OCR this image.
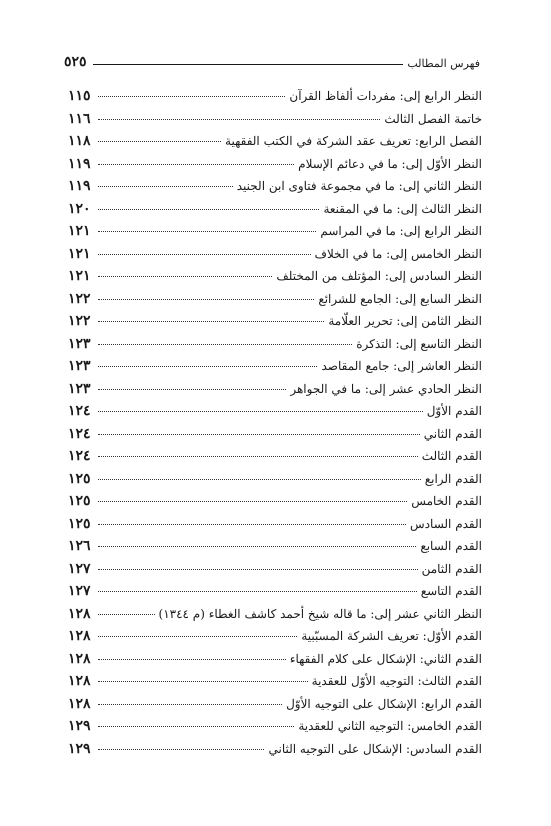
فهرس المطالب
٥٢٥
النظر الرابع إلى: مفردات ألفاظ القرآن
١١٥
خاتمة الفصل الثالث
١١٦
الفصل الرابع: تعريف عقد الشركة في الكتب الفقهية
١١٨
النظر الأوّل إلى: ما في دعائم الإسلام
١١٩
النظر الثاني إلى: ما في مجموعة فتاوى ابن الجنيد
١١٩
النظر الثالث إلى: ما في المقنعة
١٢٠
النظر الرابع إلى: ما في المراسم
١٢١
النظر الخامس إلى: ما في الخلاف
١٢١
النظر السادس إلى: المؤتلف من المختلف
١٢١
النظر السابع إلى: الجامع للشرائع
١٢٢
النظر الثامن إلى: تحرير العلّامة
١٢٢
النظر التاسع إلى: التذكرة
١٢٣
النظر العاشر إلى: جامع المقاصد
١٢٣
النظر الحادي عشر إلى: ما في الجواهر
١٢٣
القدم الأوّل
١٢٤
القدم الثاني
١٢٤
القدم الثالث
١٢٤
القدم الرابع
١٢٥
القدم الخامس
١٢٥
القدم السادس
١٢٥
القدم السابع
١٢٦
القدم الثامن
١٢٧
القدم التاسع
١٢٧
النظر الثاني عشر إلى: ما قاله شيخ أحمد كاشف الغطاء (م ١٣٤٤)
١٢٨
القدم الأوّل: تعريف الشركة المسبّبية
١٢٨
القدم الثاني: الإشكال على كلام الفقهاء
١٢٨
القدم الثالث: التوجيه الأوّل للعقدية
١٢٨
القدم الرابع: الإشكال على التوجيه الأوّل
١٢٨
القدم الخامس: التوجيه الثاني للعقدية
١٢٩
القدم السادس: الإشكال على التوجيه الثاني
١٢٩
